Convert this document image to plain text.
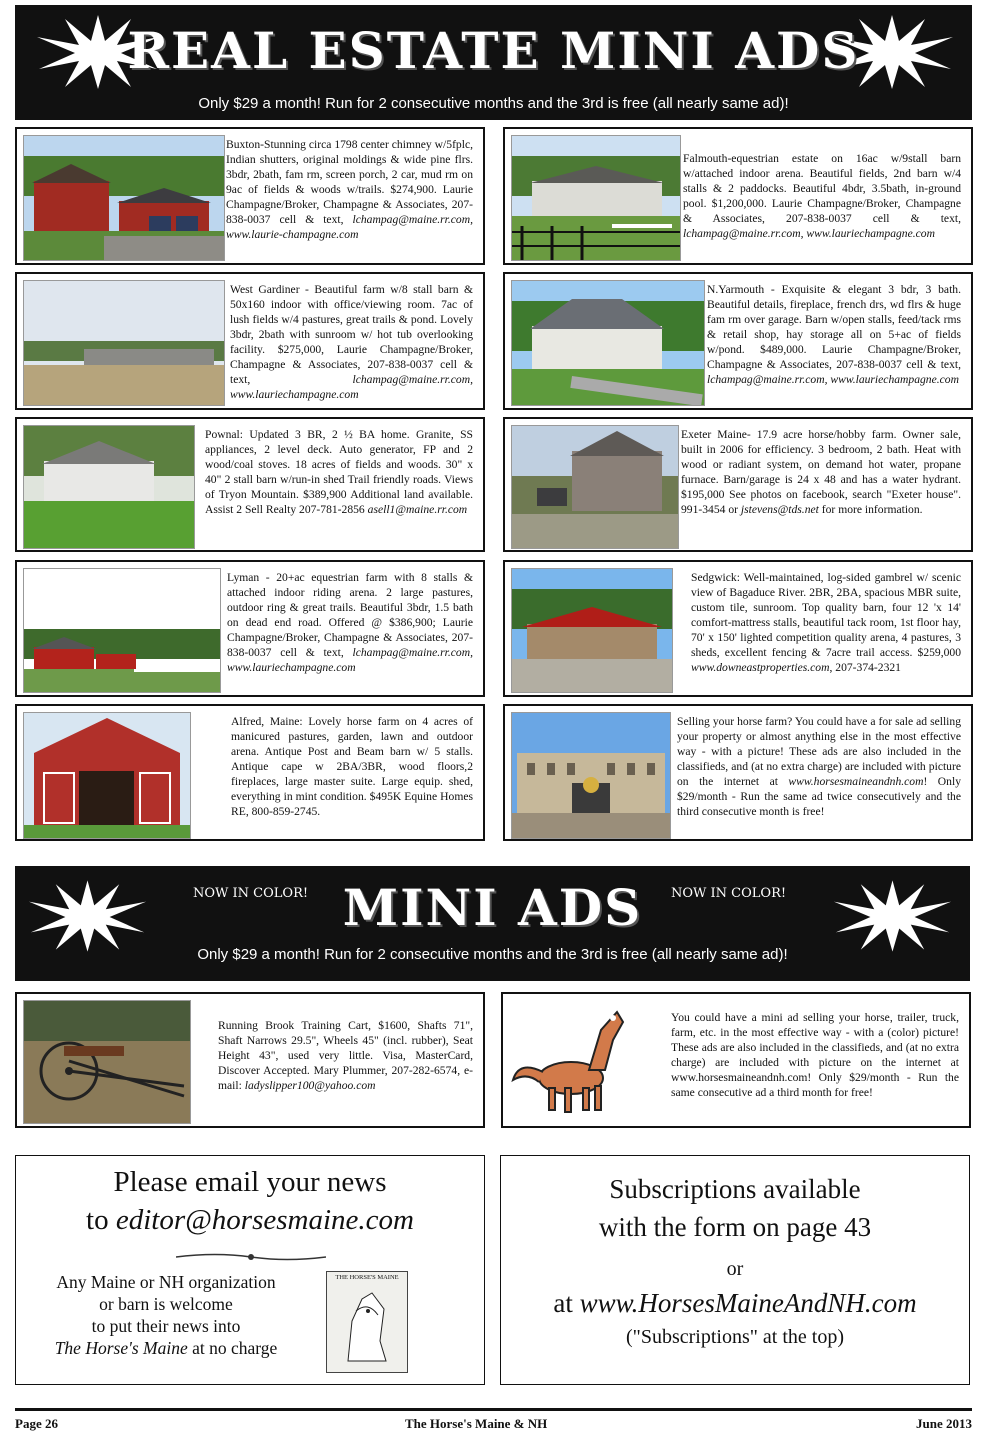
REAL ESTATE MINI ADS
Only $29 a month! Run for 2 consecutive months and the 3rd is free (all nearly same ad)!
Buxton-Stunning circa 1798 center chimney w/5fplc, Indian shutters, original moldings & wide pine flrs. 3bdr, 2bath, fam rm, screen porch, 2 car, mud rm on 9ac of fields & woods w/trails. $274,900. Laurie Champagne/Broker, Champagne & Associates, 207-838-0037 cell & text, lchampag@maine.rr.com, www.laurie-champagne.com
Falmouth-equestrian estate on 16ac w/9stall barn w/attached indoor arena. Beautiful fields, 2nd barn w/4 stalls & 2 paddocks. Beautiful 4bdr, 3.5bath, in-ground pool. $1,200,000. Laurie Champagne/Broker, Champagne & Associates, 207-838-0037 cell & text, lchampag@maine.rr.com, www.lauriechampagne.com
West Gardiner - Beautiful farm w/8 stall barn & 50x160 indoor with office/viewing room. 7ac of lush fields w/4 pastures, great trails & pond. Lovely 3bdr, 2bath with sunroom w/ hot tub overlooking facility. $275,000, Laurie Champagne/Broker, Champagne & Associates, 207-838-0037 cell & text, lchampag@maine.rr.com, www.lauriechampagne.com
N.Yarmouth - Exquisite & elegant 3 bdr, 3 bath. Beautiful details, fireplace, french drs, wd flrs & huge fam rm over garage. Barn w/open stalls, feed/tack rms & retail shop, hay storage all on 5+ac of fields w/pond. $489,000. Laurie Champagne/Broker, Champagne & Associates, 207-838-0037 cell & text, lchampag@maine.rr.com, www.lauriechampagne.com
Pownal: Updated 3 BR, 2 ½ BA home. Granite, SS appliances, 2 level deck. Auto generator, FP and 2 wood/coal stoves. 18 acres of fields and woods. 30" x 40" 2 stall barn w/run-in shed Trail friendly roads. Views of Tryon Mountain. $389,900 Additional land available. Assist 2 Sell Realty 207-781-2856 asell1@maine.rr.com
Exeter Maine- 17.9 acre horse/hobby farm. Owner sale, built in 2006 for efficiency. 3 bedroom, 2 bath. Heat with wood or radiant system, on demand hot water, propane furnace. Barn/garage is 24 x 48 and has a water hydrant. $195,000 See photos on facebook, search "Exeter house". 991-3454 or jstevens@tds.net for more information.
Lyman - 20+ac equestrian farm with 8 stalls & attached indoor riding arena. 2 large pastures, outdoor ring & great trails. Beautiful 3bdr, 1.5 bath on dead end road. Offered @ $386,900; Laurie Champagne/Broker, Champagne & Associates, 207-838-0037 cell & text, lchampag@maine.rr.com, www.lauriechampagne.com
Sedgwick: Well-maintained, log-sided gambrel w/ scenic view of Bagaduce River. 2BR, 2BA, spacious MBR suite, custom tile, sunroom. Top quality barn, four 12 'x 14' comfort-mattress stalls, beautiful tack room, 1st floor hay, 70' x 150' lighted competition quality arena, 4 pastures, 3 sheds, excellent fencing & 7acre trail access. $259,000 www.downeastproperties.com, 207-374-2321
Alfred, Maine: Lovely horse farm on 4 acres of manicured pastures, garden, lawn and outdoor arena. Antique Post and Beam barn w/ 5 stalls. Antique cape w 2BA/3BR, wood floors,2 fireplaces, large master suite. Large equip. shed, everything in mint condition. $495K Equine Homes RE, 800-859-2745.
Selling your horse farm? You could have a for sale ad selling your property or almost anything else in the most effective way - with a picture! These ads are also included in the classifieds, and (at no extra charge) are included with picture on the internet at www.horsesmaineandnh.com! Only $29/month - Run the same ad twice consecutively and the third consecutive month is free!
NOW IN COLOR!	NOW IN COLOR!
MINI ADS
Only $29 a month! Run for 2 consecutive months and the 3rd is free (all nearly same ad)!
Running Brook Training Cart, $1600, Shafts 71", Shaft Narrows 29.5", Wheels 45" (incl. rubber), Seat Height 43", used very little. Visa, MasterCard, Discover Accepted. Mary Plummer, 207-282-6574, e-mail: ladyslipper100@yahoo.com
You could have a mini ad selling your horse, trailer, truck, farm, etc. in the most effective way - with a (color) picture! These ads are also included in the classifieds, and (at no extra charge) are included with picture on the internet at www.horsesmaineandnh.com! Only $29/month - Run the same consecutive ad a third month for free!
Please email your news
to editor@horsesmaine.com
Any Maine or NH organization
or barn is welcome
to put their news into
The Horse's Maine at no charge
THE HORSE'S MAINE
Subscriptions available
with the form on page 43
or
at www.HorsesMaineAndNH.com
("Subscriptions" at the top)
Page 26	The Horse's Maine & NH	June 2013
